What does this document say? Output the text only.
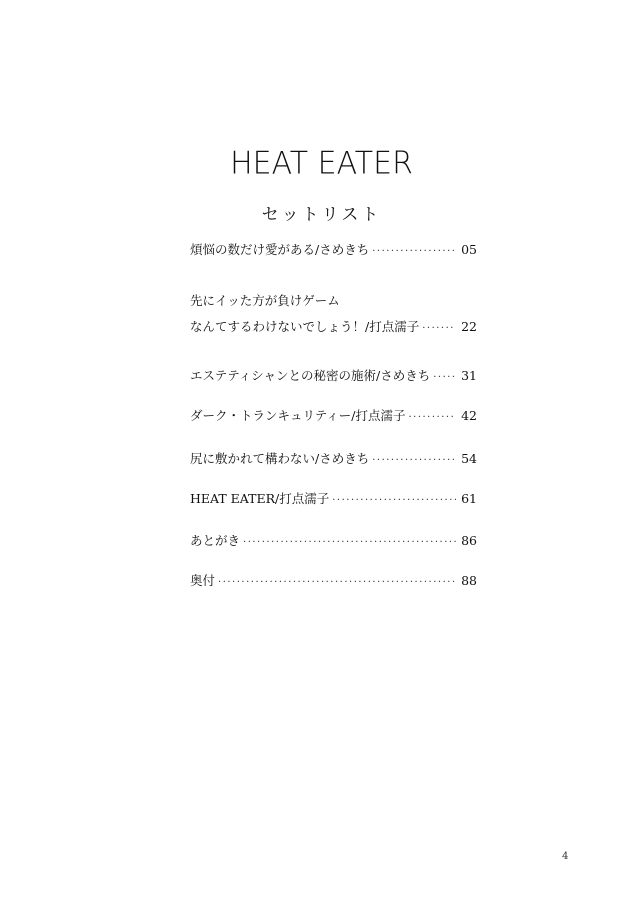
HEAT EATER
セットリスト
煩悩の数だけ愛がある/さめきち ·····	05
先にイッた方が負けゲーム
なんてするわけないでしょう！/打点濡子 ·····	22
エステティシャンとの秘密の施術/さめきち ····· 31
ダーク・トランキュリティー/打点濡子 ·····	42
尻に敷かれて構わない/さめきち ·····	54
HEAT EATER/打点濡子 ·····	61
あとがき ·····	86
奥付 ·····	88
4
